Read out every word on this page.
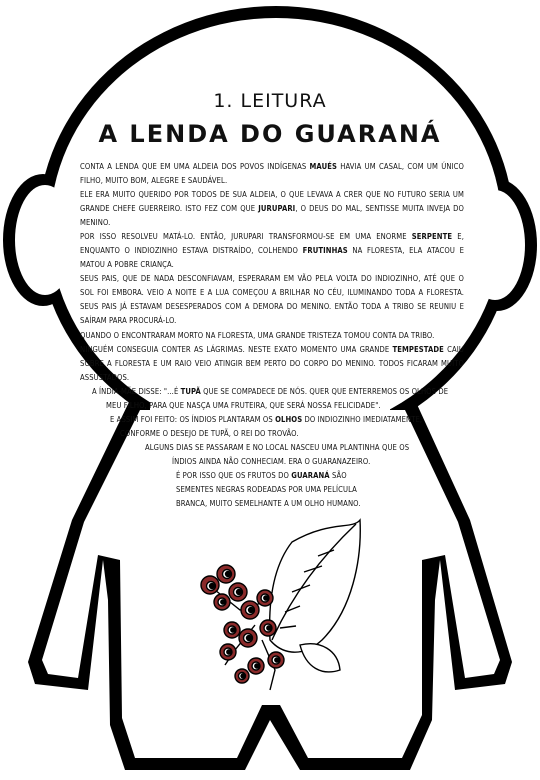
1. LEITURA
A LENDA DO GUARANÁ
CONTA A LENDA QUE EM UMA ALDEIA DOS POVOS INDÍGENAS MAUÉS HAVIA UM CASAL, COM UM ÚNICO
FILHO, MUITO BOM, ALEGRE E SAUDÁVEL.
ELE ERA MUITO QUERIDO POR TODOS DE SUA ALDEIA, O QUE LEVAVA A CRER QUE NO FUTURO SERIA UM
GRANDE CHEFE GUERREIRO. ISTO FEZ COM QUE JURUPARI, O DEUS DO MAL, SENTISSE MUITA INVEJA DO
MENINO.
POR ISSO RESOLVEU MATÁ-LO. ENTÃO, JURUPARI TRANSFORMOU-SE EM UMA ENORME SERPENTE E,
ENQUANTO O INDIOZINHO ESTAVA DISTRAÍDO, COLHENDO FRUTINHAS NA FLORESTA, ELA ATACOU E
MATOU A POBRE CRIANÇA.
SEUS PAIS, QUE DE NADA DESCONFIAVAM, ESPERARAM EM VÃO PELA VOLTA DO INDIOZINHO, ATÉ QUE O
SOL FOI EMBORA. VEIO A NOITE E A LUA COMEÇOU A BRILHAR NO CÉU, ILUMINANDO TODA A FLORESTA.
SEUS PAIS JÁ ESTAVAM DESESPERADOS COM A DEMORA DO MENINO. ENTÃO TODA A TRIBO SE REUNIU E
SAÍRAM PARA PROCURÁ-LO.
QUANDO O ENCONTRARAM MORTO NA FLORESTA, UMA GRANDE TRISTEZA TOMOU CONTA DA TRIBO.
NINGUÉM CONSEGUIA CONTER AS LÁGRIMAS. NESTE EXATO MOMENTO UMA GRANDE TEMPESTADE CAIU
SOBRE A FLORESTA E UM RAIO VEIO ATINGIR BEM PERTO DO CORPO DO MENINO. TODOS FICARAM MUITO
ASSUSTADOS.
A ÍNDIA-MÃE DISSE: "...É TUPÃ QUE SE COMPADECE DE NÓS. QUER QUE ENTERREMOS OS OLHOS DE
MEU FILHO, PARA QUE NASÇA UMA FRUTEIRA, QUE SERÁ NOSSA FELICIDADE".
E ASSIM FOI FEITO: OS ÍNDIOS PLANTARAM OS OLHOS DO INDIOZINHO IMEDIATAMENTE,
CONFORME O DESEJO DE TUPÃ, O REI DO TROVÃO.
ALGUNS DIAS SE PASSARAM E NO LOCAL NASCEU UMA PLANTINHA QUE OS
ÍNDIOS AINDA NÃO CONHECIAM. ERA O GUARANAZEIRO.
É POR ISSO QUE OS FRUTOS DO GUARANÁ SÃO
SEMENTES NEGRAS RODEADAS POR UMA PELÍCULA
BRANCA, MUITO SEMELHANTE A UM OLHO HUMANO.
